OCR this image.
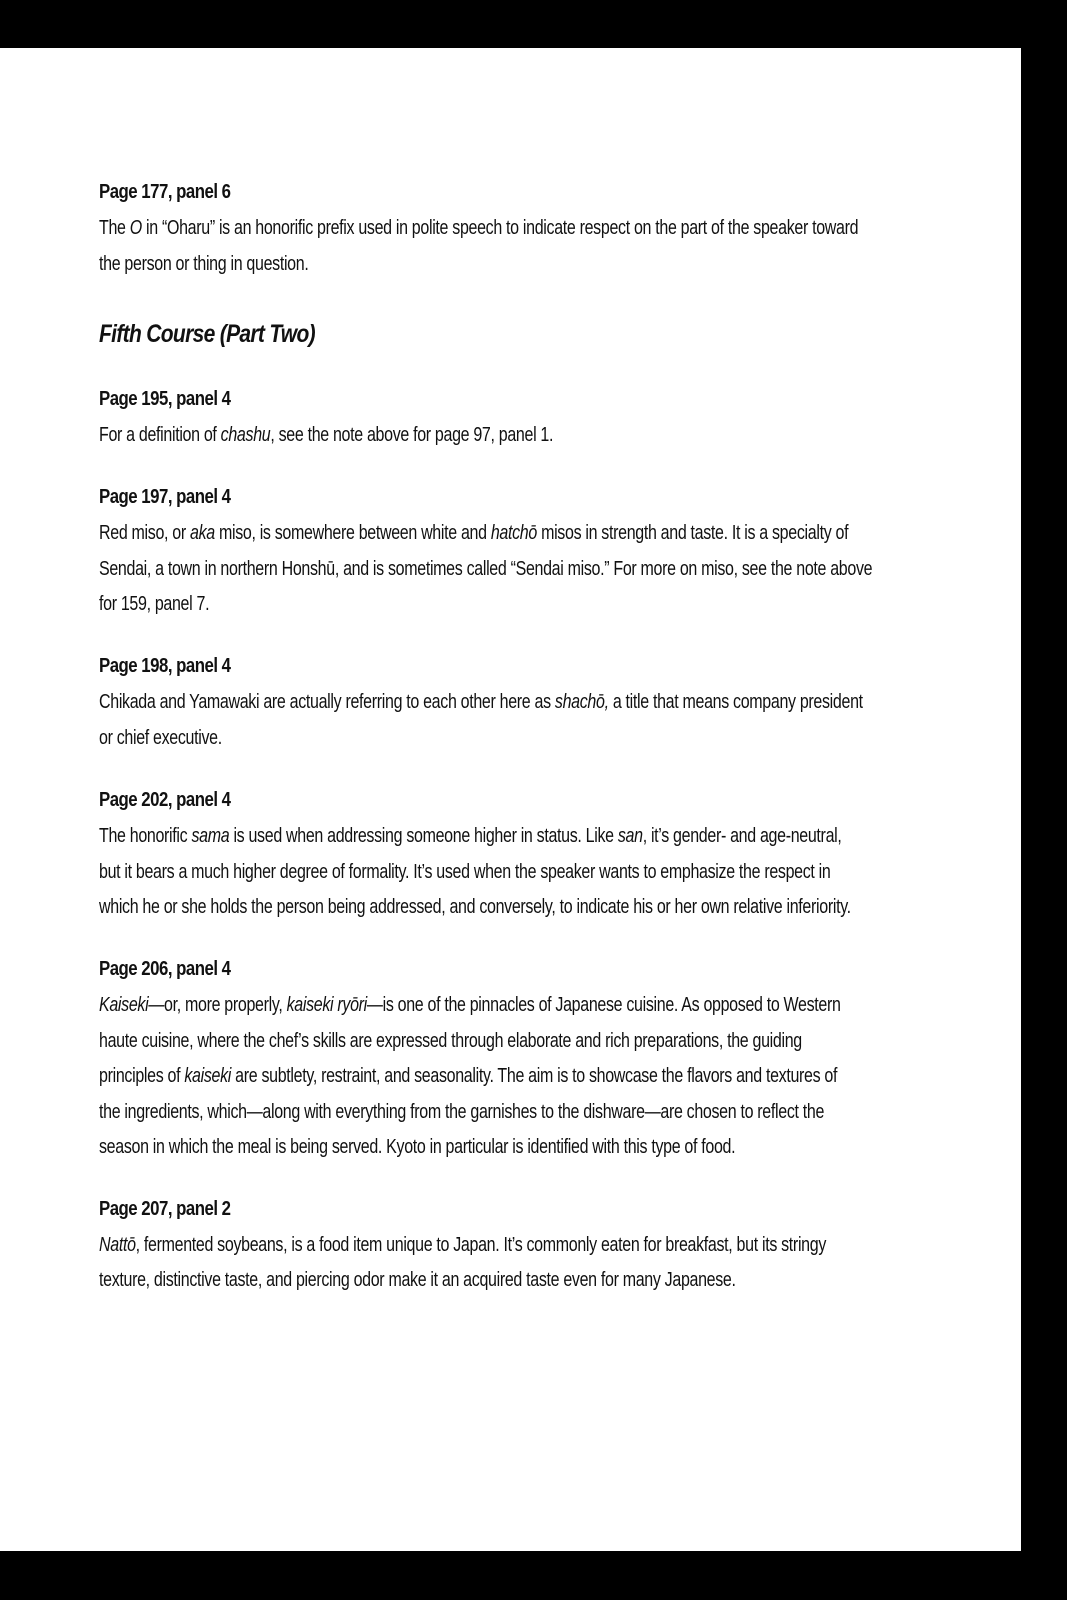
Page 177, panel 6
The O in “Oharu” is an honorific prefix used in polite speech to indicate respect on the part of the speaker toward
the person or thing in question.
Fifth Course (Part Two)
Page 195, panel 4
For a definition of chashu, see the note above for page 97, panel 1.
Page 197, panel 4
Red miso, or aka miso, is somewhere between white and hatchō misos in strength and taste. It is a specialty of
Sendai, a town in northern Honshū, and is sometimes called “Sendai miso.” For more on miso, see the note above
for 159, panel 7.
Page 198, panel 4
Chikada and Yamawaki are actually referring to each other here as shachō, a title that means company president
or chief executive.
Page 202, panel 4
The honorific sama is used when addressing someone higher in status. Like san, it’s gender- and age-neutral,
but it bears a much higher degree of formality. It’s used when the speaker wants to emphasize the respect in
which he or she holds the person being addressed, and conversely, to indicate his or her own relative inferiority.
Page 206, panel 4
Kaiseki—or, more properly, kaiseki ryōri—is one of the pinnacles of Japanese cuisine. As opposed to Western
haute cuisine, where the chef’s skills are expressed through elaborate and rich preparations, the guiding
principles of kaiseki are subtlety, restraint, and seasonality. The aim is to showcase the flavors and textures of
the ingredients, which—along with everything from the garnishes to the dishware—are chosen to reflect the
season in which the meal is being served. Kyoto in particular is identified with this type of food.
Page 207, panel 2
Nattō, fermented soybeans, is a food item unique to Japan. It’s commonly eaten for breakfast, but its stringy
texture, distinctive taste, and piercing odor make it an acquired taste even for many Japanese.
